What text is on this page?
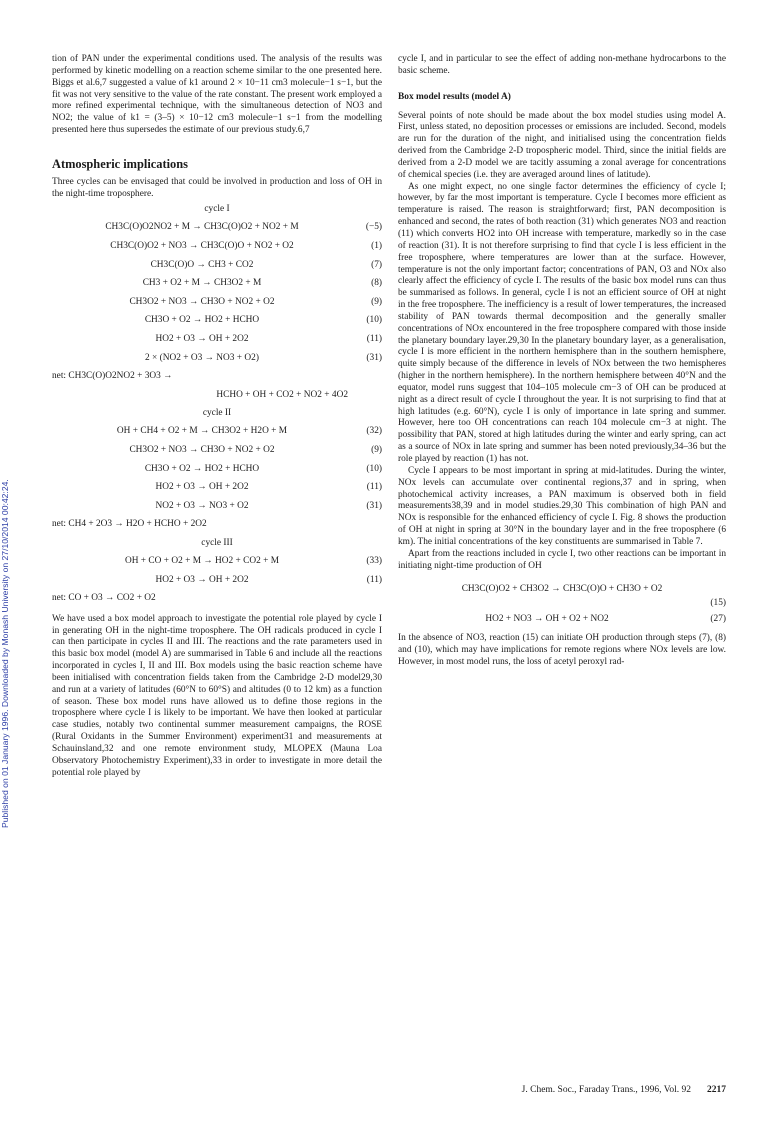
Published on 01 January 1996. Downloaded by Monash University on 27/10/2014 00:42:24.

tion of PAN under the experimental conditions used. The analysis of the results was performed by kinetic modelling on a reaction scheme similar to the one presented here. Biggs et al.6,7 suggested a value of k1 around 2 × 10−11 cm3 molecule−1 s−1, but the fit was not very sensitive to the value of the rate constant. The present work employed a more refined experimental technique, with the simultaneous detection of NO3 and NO2; the value of k1 = (3–5) × 10−12 cm3 molecule−1 s−1 from the modelling presented here thus supersedes the estimate of our previous study.6,7

Atmospheric implications

Three cycles can be envisaged that could be involved in production and loss of OH in the night-time troposphere.

cycle I
CH3C(O)O2NO2 + M → CH3C(O)O2 + NO2 + M	(−5)
CH3C(O)O2 + NO3 → CH3C(O)O + NO2 + O2	(1)
CH3C(O)O → CH3 + CO2	(7)
CH3 + O2 + M → CH3O2 + M	(8)
CH3O2 + NO3 → CH3O + NO2 + O2	(9)
CH3O + O2 → HO2 + HCHO	(10)
HO2 + O3 → OH + 2O2	(11)
2 × (NO2 + O3 → NO3 + O2)	(31)
net: CH3C(O)O2NO2 + 3O3 →
HCHO + OH + CO2 + NO2 + 4O2
cycle II
OH + CH4 + O2 + M → CH3O2 + H2O + M	(32)
CH3O2 + NO3 → CH3O + NO2 + O2	(9)
CH3O + O2 → HO2 + HCHO	(10)
HO2 + O3 → OH + 2O2	(11)
NO2 + O3 → NO3 + O2	(31)
net: CH4 + 2O3 → H2O + HCHO + 2O2
cycle III
OH + CO + O2 + M → HO2 + CO2 + M	(33)
HO2 + O3 → OH + 2O2	(11)
net: CO + O3 → CO2 + O2

We have used a box model approach to investigate the potential role played by cycle I in generating OH in the night-time troposphere. The OH radicals produced in cycle I can then participate in cycles II and III. The reactions and the rate parameters used in this basic box model (model A) are summarised in Table 6 and include all the reactions incorporated in cycles I, II and III. Box models using the basic reaction scheme have been initialised with concentration fields taken from the Cambridge 2-D model29,30 and run at a variety of latitudes (60°N to 60°S) and altitudes (0 to 12 km) as a function of season. These box model runs have allowed us to define those regions in the troposphere where cycle I is likely to be important. We have then looked at particular case studies, notably two continental summer measurement campaigns, the ROSE (Rural Oxidants in the Summer Environment) experiment31 and measurements at Schauinsland,32 and one remote environment study, MLOPEX (Mauna Loa Observatory Photochemistry Experiment),33 in order to investigate in more detail the potential role played by

cycle I, and in particular to see the effect of adding non-methane hydrocarbons to the basic scheme.

Box model results (model A)

Several points of note should be made about the box model studies using model A. First, unless stated, no deposition processes or emissions are included. Second, models are run for the duration of the night, and initialised using the concentration fields derived from the Cambridge 2-D tropospheric model. Third, since the initial fields are derived from a 2-D model we are tacitly assuming a zonal average for concentrations of chemical species (i.e. they are averaged around lines of latitude).

As one might expect, no one single factor determines the efficiency of cycle I; however, by far the most important is temperature. Cycle I becomes more efficient as temperature is raised. The reason is straightforward; first, PAN decomposition is enhanced and second, the rates of both reaction (31) which generates NO3 and reaction (11) which converts HO2 into OH increase with temperature, markedly so in the case of reaction (31). It is not therefore surprising to find that cycle I is less efficient in the free troposphere, where temperatures are lower than at the surface. However, temperature is not the only important factor; concentrations of PAN, O3 and NOx also clearly affect the efficiency of cycle I. The results of the basic box model runs can thus be summarised as follows. In general, cycle I is not an efficient source of OH at night in the free troposphere. The inefficiency is a result of lower temperatures, the increased stability of PAN towards thermal decomposition and the generally smaller concentrations of NOx encountered in the free troposphere compared with those inside the planetary boundary layer.29,30 In the planetary boundary layer, as a generalisation, cycle I is more efficient in the northern hemisphere than in the southern hemisphere, quite simply because of the difference in levels of NOx between the two hemispheres (higher in the northern hemisphere). In the northern hemisphere between 40°N and the equator, model runs suggest that 104–105 molecule cm−3 of OH can be produced at night as a direct result of cycle I throughout the year. It is not surprising to find that at high latitudes (e.g. 60°N), cycle I is only of importance in late spring and summer. However, here too OH concentrations can reach 104 molecule cm−3 at night. The possibility that PAN, stored at high latitudes during the winter and early spring, can act as a source of NOx in late spring and summer has been noted previously,34–36 but the role played by reaction (1) has not.

Cycle I appears to be most important in spring at mid-latitudes. During the winter, NOx levels can accumulate over continental regions,37 and in spring, when photochemical activity increases, a PAN maximum is observed both in field measurements38,39 and in model studies.29,30 This combination of high PAN and NOx is responsible for the enhanced efficiency of cycle I. Fig. 8 shows the production of OH at night in spring at 30°N in the boundary layer and in the free troposphere (6 km). The initial concentrations of the key constituents are summarised in Table 7.

Apart from the reactions included in cycle I, two other reactions can be important in initiating night-time production of OH

CH3C(O)O2 + CH3O2 → CH3C(O)O + CH3O + O2
(15)
HO2 + NO3 → OH + O2 + NO2	(27)

In the absence of NO3, reaction (15) can initiate OH production through steps (7), (8) and (10), which may have implications for remote regions where NOx levels are low. However, in most model runs, the loss of acetyl peroxyl rad-

J. Chem. Soc., Faraday Trans., 1996, Vol. 92 2217
